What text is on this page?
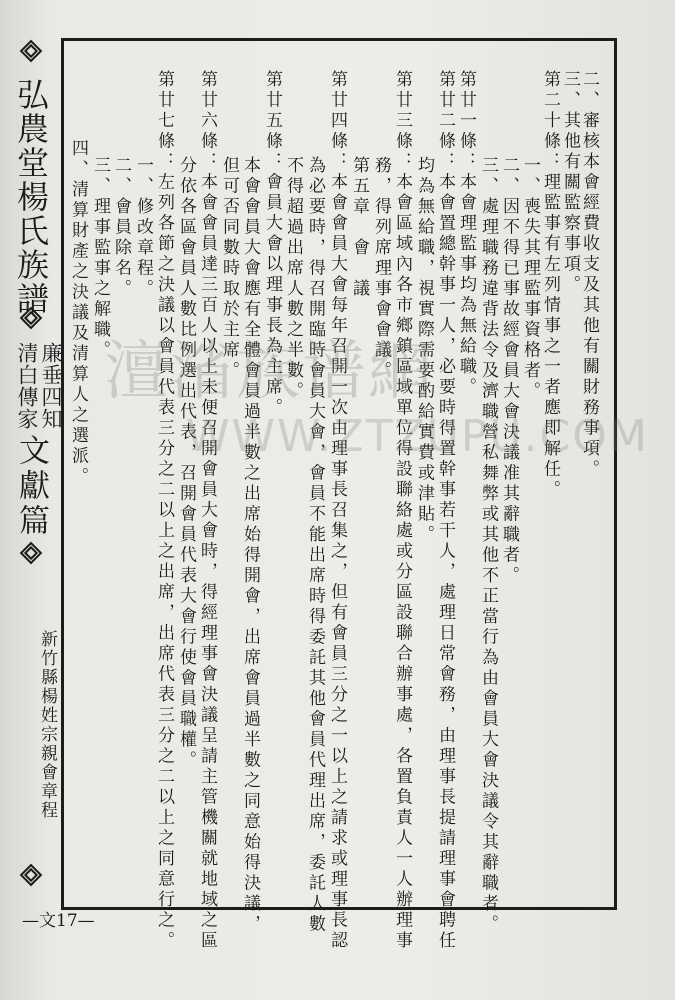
弘農堂楊氏族譜
廉垂四知
清白傳家
文獻篇
新竹縣楊姓宗親會章程
—文17—
二、審核本會經費收支及其他有關財務事項。
三、其他有關監察事項。
第二十條：理監事有左列情事之一者應即解任。
一、喪失其理監事資格者。
二、因不得已事故經會員大會決議准其辭職者。
三、處理職務違背法令及濟職營私舞弊或其他不正當行為由會員大會決議令其辭職者。
第廿一條：本會理監事均為無給職。
第廿二條：本會置總幹事一人，必要時得置幹事若干人，處理日常會務，由理事長提請理事會聘任
均為無給職，視實際需要酌給實費或津貼。
第廿三條：本會區域內各市鄉鎮區域單位得設聯絡處或分區設聯合辦事處，各置負責人一人辦理事
務，得列席理事會會議。
第五章　會　議
第廿四條：本會會員大會每年召開一次由理事長召集之，但有會員三分之一以上之請求或理事長認
為必要時，得召開臨時會員大會，會員不能出席時得委託其他會員代理出席，委託人數
不得超過出席人數之半數。
第廿五條：會員大會以理事長為主席。
本會會員大會應有全體會員過半數之出席始得開會，出席會員過半數之同意始得決議，
但可否同數時取於主席。
第廿六條：本會會員達三百人以上未便召開會員大會時，得經理事會決議呈請主管機關就地域之區
分依各區會員人數比例選出代表，召開會員代表大會行使會員職權。
第廿七條：左列各節之決議以會員代表三分之二以上之出席，出席代表三分之二以上之同意行之。
一、修改章程。
二、會員除名。
三、理事監事之解職。
四、清算財產之決議及清算人之選派。 澶渻族谱網
WWW.ZTZUPU.COM
